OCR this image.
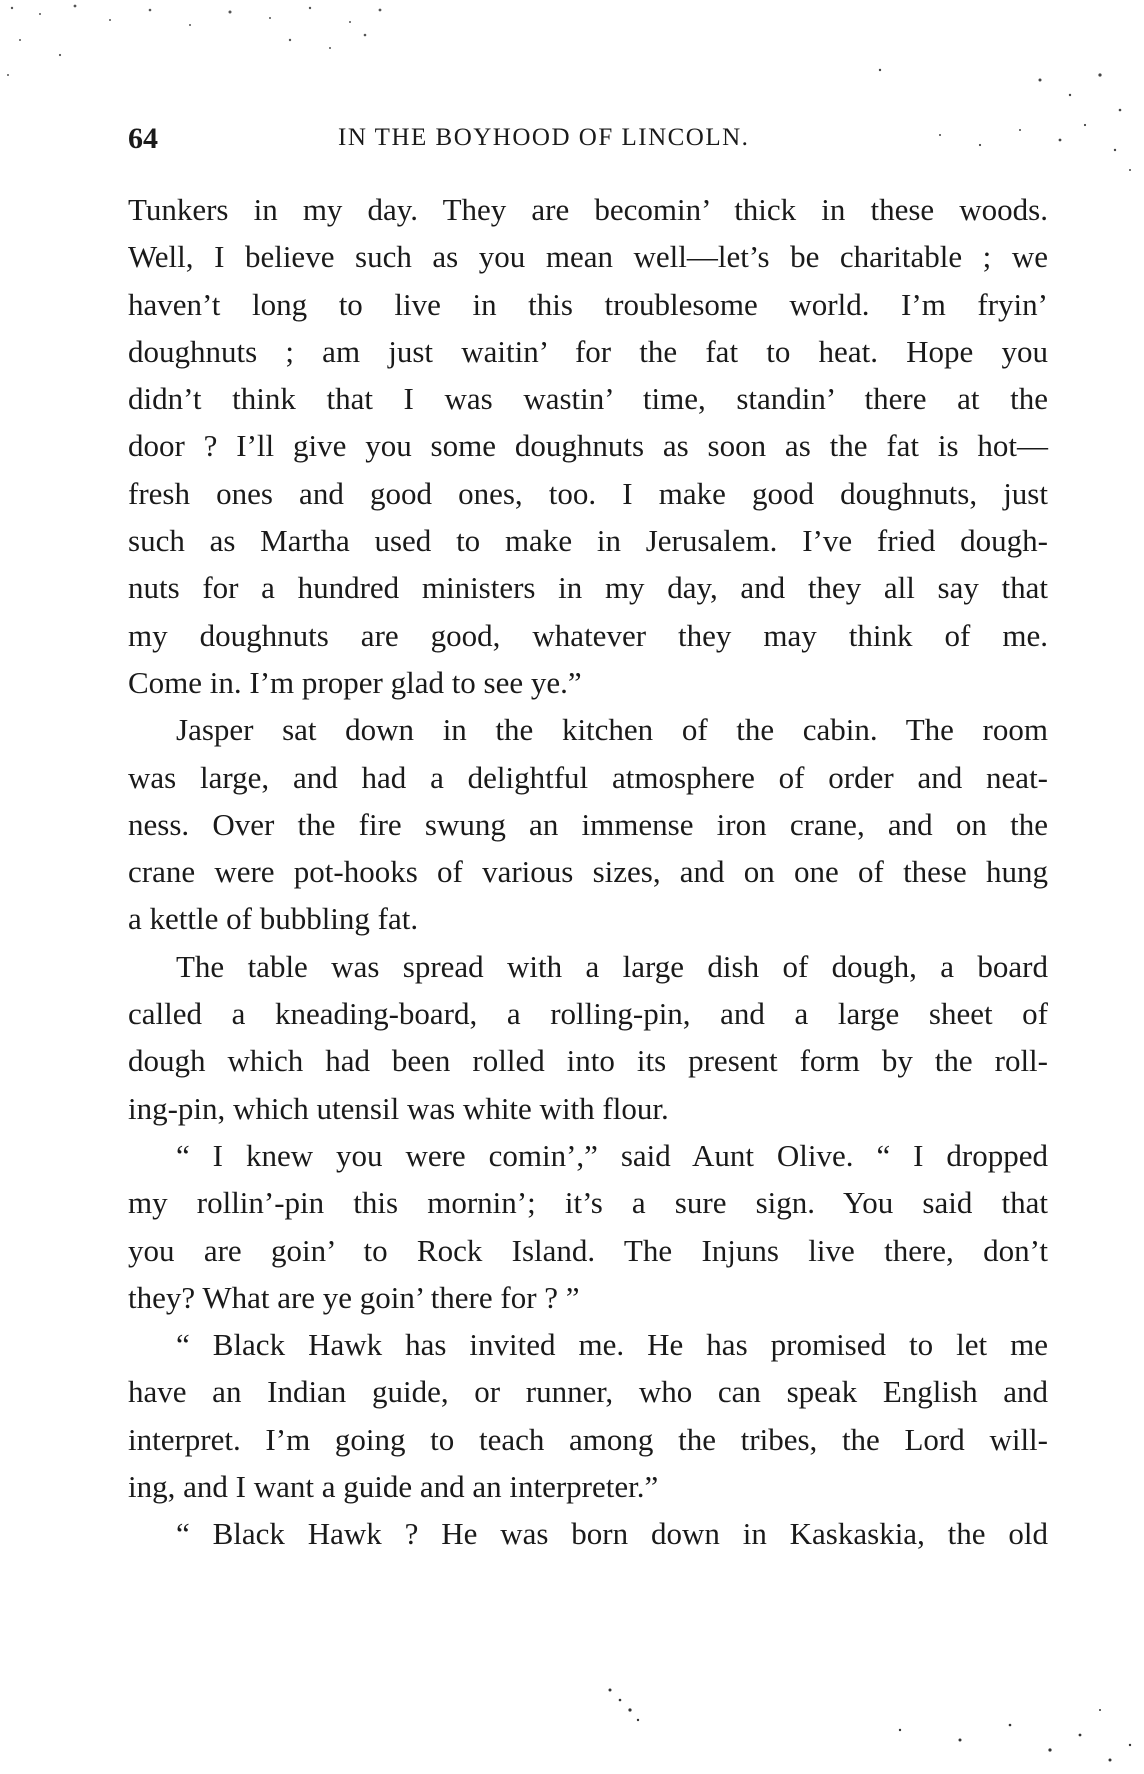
64	IN THE BOYHOOD OF LINCOLN.
Tunkers in my day. They are becomin’ thick in these woods.
Well, I believe such as you mean well—let’s be charitable ; we
haven’t long to live in this troublesome world. I’m fryin’
doughnuts ; am just waitin’ for the fat to heat. Hope you
didn’t think that I was wastin’ time, standin’ there at the
door ? I’ll give you some doughnuts as soon as the fat is hot—
fresh ones and good ones, too. I make good doughnuts, just
such as Martha used to make in Jerusalem. I’ve fried dough-
nuts for a hundred ministers in my day, and they all say that
my doughnuts are good, whatever they may think of me.
Come in. I’m proper glad to see ye.”
Jasper sat down in the kitchen of the cabin. The room
was large, and had a delightful atmosphere of order and neat-
ness. Over the fire swung an immense iron crane, and on the
crane were pot-hooks of various sizes, and on one of these hung
a kettle of bubbling fat.
The table was spread with a large dish of dough, a board
called a kneading-board, a rolling-pin, and a large sheet of
dough which had been rolled into its present form by the roll-
ing-pin, which utensil was white with flour.
“ I knew you were comin’,” said Aunt Olive. “ I dropped
my rollin’-pin this mornin’; it’s a sure sign. You said that
you are goin’ to Rock Island. The Injuns live there, don’t
they? What are ye goin’ there for ? ”
“ Black Hawk has invited me. He has promised to let me
have an Indian guide, or runner, who can speak English and
interpret. I’m going to teach among the tribes, the Lord will-
ing, and I want a guide and an interpreter.”
“ Black Hawk ? He was born down in Kaskaskia, the old
